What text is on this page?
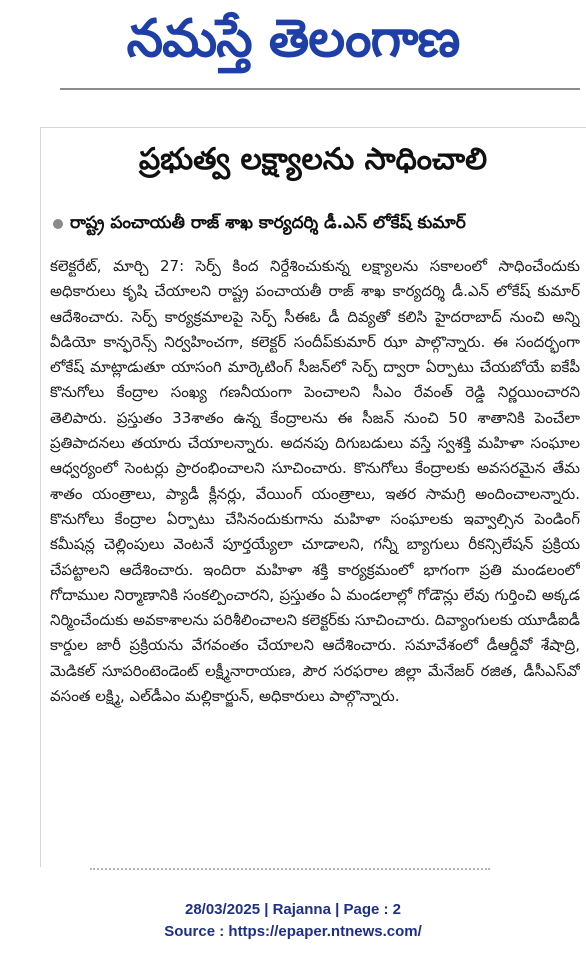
నమస్తే తెలంగాణ
ప్రభుత్వ లక్ష్యాలను సాధించాలి
రాష్ట్ర పంచాయతీ రాజ్ శాఖ కార్యదర్శి డీ.ఎన్ లోకేష్ కుమార్

కలెక్టరేట్, మార్చి 27: సెర్ప్ కింద నిర్దేశించుకున్న లక్ష్యాలను సకాలంలో సాధించేందుకు అధికారులు కృషి చేయాలని రాష్ట్ర పంచాయతీ రాజ్ శాఖ కార్యదర్శి డీ.ఎన్ లోకేష్ కుమార్ ఆదేశించారు. సెర్ప్ కార్యక్రమాలపై సెర్ప్ సీఈఓ డీ దివ్యతో కలిసి హైదరాబాద్ నుంచి అన్ని వీడియో కాన్ఫరెన్స్ నిర్వహించగా, కలెక్టర్ సందీప్‌కుమార్ ఝా పాల్గొన్నారు. ఈ సందర్భంగా లోకేష్ మాట్లాడుతూ యాసంగి మార్కెటింగ్ సీజన్‌లో సెర్ప్ ద్వారా ఏర్పాటు చేయబోయే ఐకేపీ కొనుగోలు కేంద్రాల సంఖ్య గణనీయంగా పెంచాలని సీఎం రేవంత్ రెడ్డి నిర్ణయించారని తెలిపారు. ప్రస్తుతం 33శాతం ఉన్న కేంద్రాలను ఈ సీజన్ నుంచి 50 శాతానికి పెంచేలా ప్రతిపాదనలు తయారు చేయాలన్నారు. అదనపు దిగుబడులు వస్తే స్వశక్తి మహిళా సంఘాల ఆధ్వర్యంలో సెంటర్లు ప్రారంభించాలని సూచించారు. కొనుగోలు కేంద్రాలకు అవసరమైన తేమ శాతం యంత్రాలు, ప్యాడీ క్లీనర్లు, వేయింగ్ యంత్రాలు, ఇతర సామగ్రి అందించాలన్నారు. కొనుగోలు కేంద్రాల ఏర్పాటు చేసినందుకుగాను మహిళా సంఘాలకు ఇవ్వాల్సిన పెండింగ్ కమీషన్ల చెల్లింపులు వెంటనే పూర్తయ్యేలా చూడాలని, గన్నీ బ్యాగులు రీకన్సిలేషన్ ప్రక్రియ చేపట్టాలని ఆదేశించారు. ఇందిరా మహిళా శక్తి కార్యక్రమంలో భాగంగా ప్రతి మండలంలో గోదాముల నిర్మాణానికి సంకల్పించారని, ప్రస్తుతం ఏ మండలాల్లో గోడౌన్లు లేవు గుర్తించి అక్కడ నిర్మించేందుకు అవకాశాలను పరిశీలించాలని కలెక్టర్‌కు సూచించారు. దివ్యాంగులకు యూడీఐడీ కార్డుల జారీ ప్రక్రియను వేగవంతం చేయాలని ఆదేశించారు. సమావేశంలో డీఆర్డీవో శేషాద్రి, మెడికల్ సూపరింటెండెంట్ లక్ష్మీనారాయణ, పౌర సరఫరాల జిల్లా మేనేజర్ రజిత, డీసీఎస్‌వో వసంత లక్ష్మి, ఎల్‌డీఎం మల్లికార్జున్, అధికారులు పాల్గొన్నారు.

28/03/2025 | Rajanna | Page : 2
Source : https://epaper.ntnews.com/
